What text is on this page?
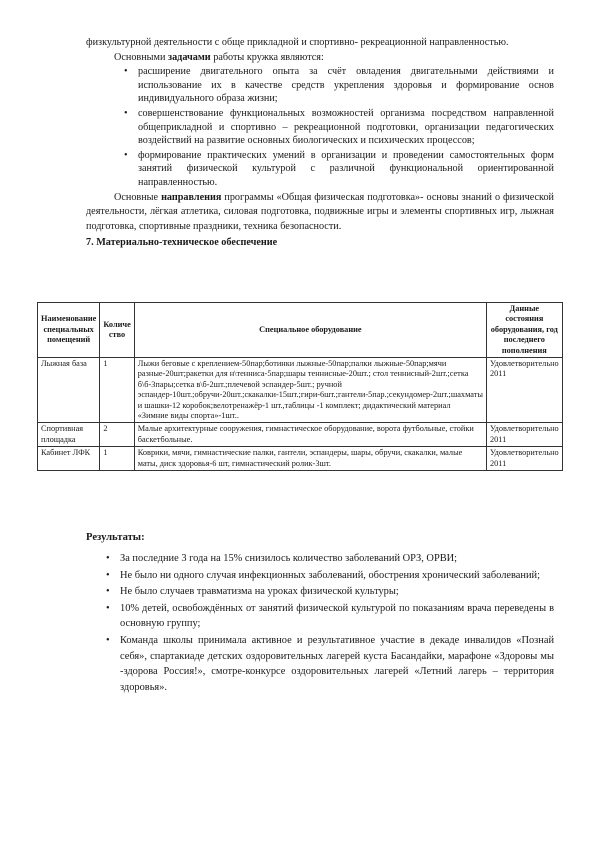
физкультурной деятельности с обще прикладной и спортивно- рекреационной направленностью.

Основными задачами работы кружка являются:

• расширение двигательного опыта за счёт овладения двигательными действиями и использование их в качестве средств укрепления здоровья и формирование основ индивидуального образа жизни;
• совершенствование функциональных возможностей организма посредством направленной общеприкладной и спортивно – рекреационной подготовки, организации педагогических воздействий на развитие основных биологических и психических процессов;
• формирование практических умений в организации и проведении самостоятельных форм занятий физической культурой с различной функциональной ориентированной направленностью.

Основные направления программы «Общая физическая подготовка»- основы знаний о физической деятельности, лёгкая атлетика, силовая подготовка, подвижные игры и элементы спортивных игр, лыжная подготовка, спортивные праздники, техника безопасности.

7. Материально-техническое обеспечение
Наименование специальных помещений	Количе ство	Специальное оборудование	Данные состояния оборудования, год последнего пополнения
Лыжная база	1	Лыжи беговые с креплением-50пар;ботинки лыжные-50пар;палки лыжные-50пар;мячи разные-20шт;ракетки для н\тенниса-5пар;шары теннисные-20шт.; стол теннисный-2шт.;сетка б\б-3пары;сетка в\б-2шт.;плечевой эспандер-5шт.; ручной эспандер-10шт.;обручи-20шт.;скакалки-15шт.;гири-6шт.;гантели-5пар.;секундомер-2шт.;шахматы и шашки-12 коробок;велотренажёр-1 шт.,таблицы -1 комплект; дидактический материал «Зимние виды спорта»-1шт..	Удовлетворительно 2011
Спортивная площадка	2	Малые архитектурные сооружения, гимнастическое оборудование, ворота футбольные, стойки баскетбольные.	Удовлетворительно 2011
Кабинет ЛФК	1	Коврики, мячи, гимнастические палки, гантели, эспандеры, шары, обручи, скакалки, малые маты, диск здоровья-6 шт, гимнастический ролик-3шт.	Удовлетворительно 2011
Результаты:
• За последние 3 года на 15% снизилось количество заболеваний ОРЗ, ОРВИ;
• Не было ни одного случая инфекционных заболеваний, обострения хронический заболеваний;
• Не было случаев травматизма на уроках физической культуры;
• 10% детей, освобождённых от занятий физической культурой по показаниям врача переведены в основную группу;
• Команда школы принимала активное и результативное участие в декаде инвалидов «Познай себя», спартакиаде детских оздоровительных лагерей куста Басандайки, марафоне «Здоровы мы -здорова Россия!», смотре-конкурсе оздоровительных лагерей «Летний лагерь – территория здоровья».
